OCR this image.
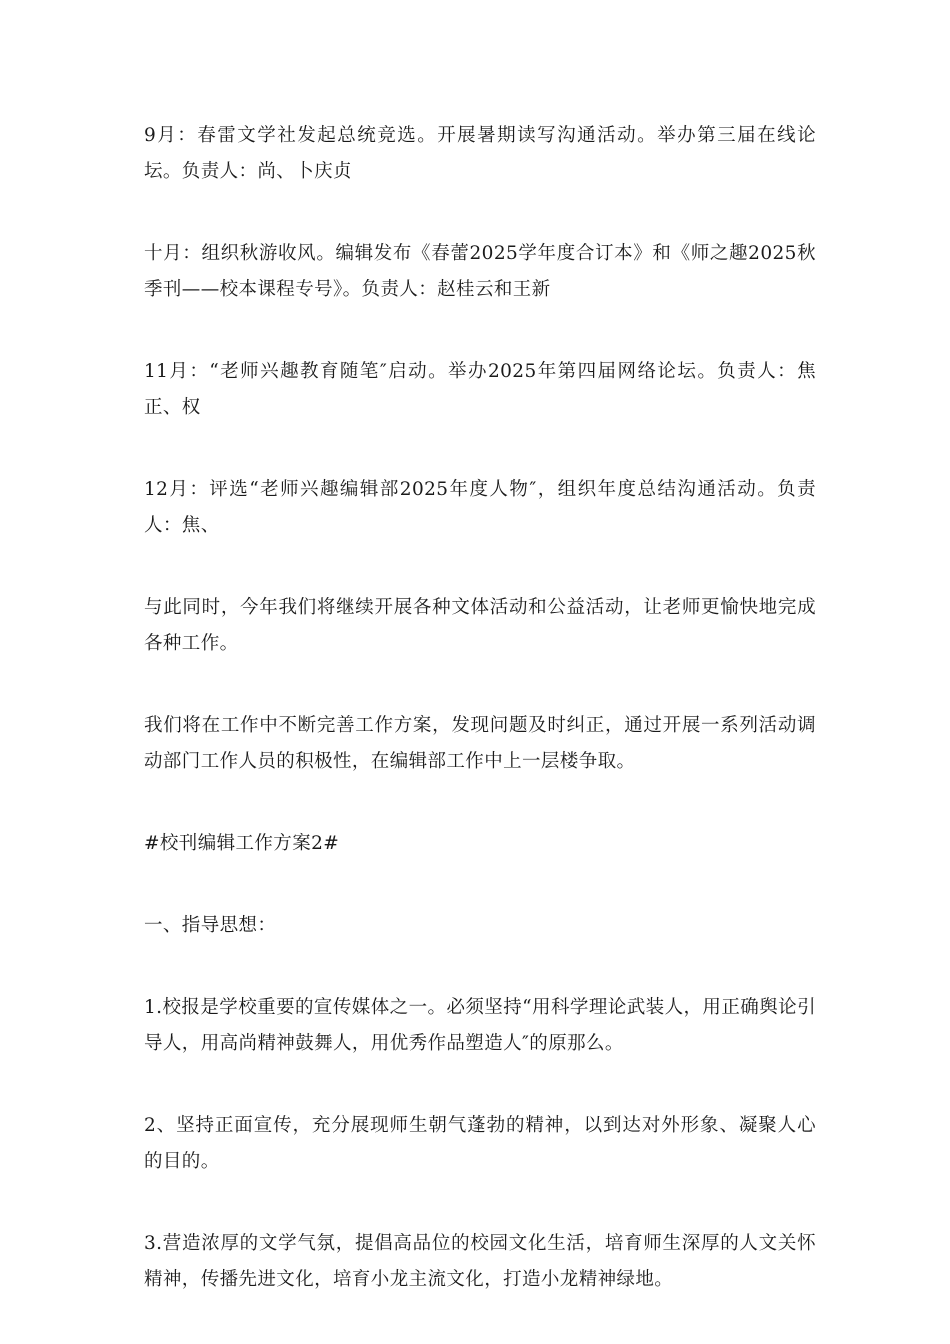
9月：春雷文学社发起总统竞选。开展暑期读写沟通活动。举办第三届在线论坛。负责人：尚、卜庆贞

十月：组织秋游收风。编辑发布《春蕾2025学年度合订本》和《师之趣2025秋季刊——校本课程专号》。负责人：赵桂云和王新

11月：“老师兴趣教育随笔″启动。举办2025年第四届网络论坛。负责人：焦正、权

12月：评选“老师兴趣编辑部2025年度人物″，组织年度总结沟通活动。负责人：焦、

与此同时，今年我们将继续开展各种文体活动和公益活动，让老师更愉快地完成各种工作。

我们将在工作中不断完善工作方案，发现问题及时纠正，通过开展一系列活动调动部门工作人员的积极性，在编辑部工作中上一层楼争取。

#校刊编辑工作方案2#

一、指导思想：

1.校报是学校重要的宣传媒体之一。必须坚持“用科学理论武装人，用正确舆论引导人，用高尚精神鼓舞人，用优秀作品塑造人″的原那么。

2、坚持正面宣传，充分展现师生朝气蓬勃的精神，以到达对外形象、凝聚人心的目的。

3.营造浓厚的文学气氛，提倡高品位的校园文化生活，培育师生深厚的人文关怀精神，传播先进文化，培育小龙主流文化，打造小龙精神绿地。
